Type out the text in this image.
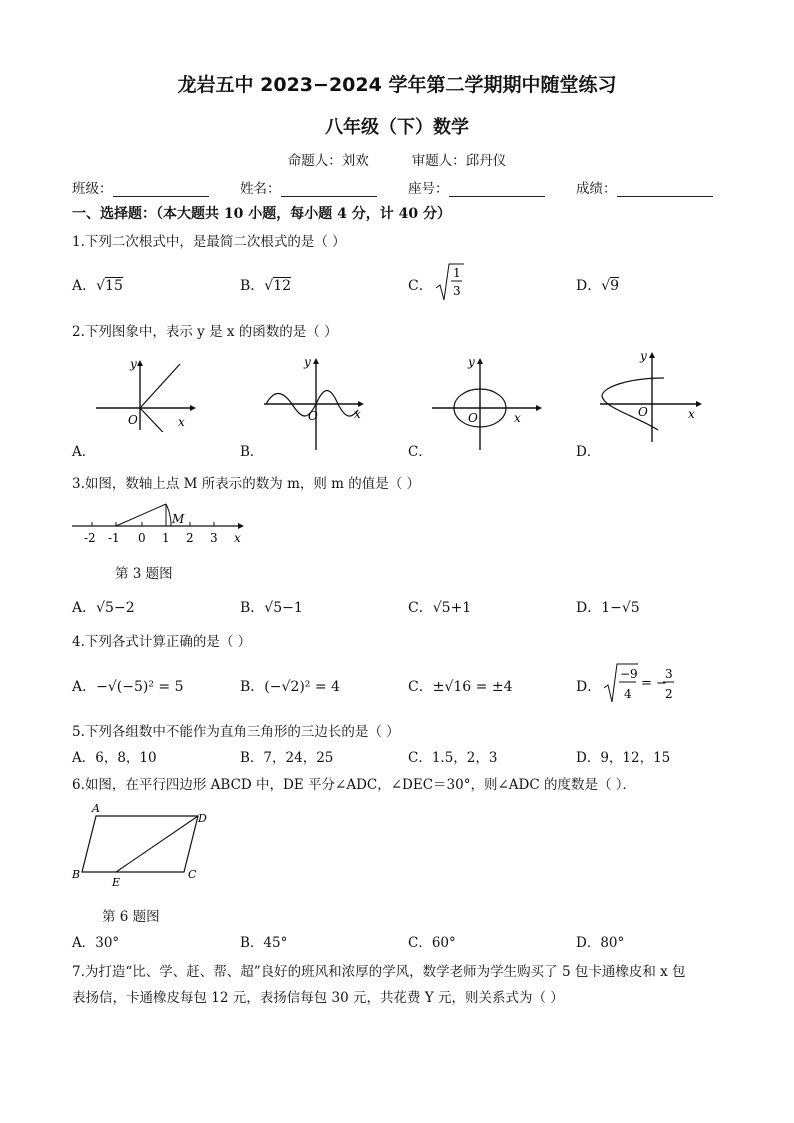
龙岩五中 2023−2024 学年第二学期期中随堂练习
八年级（下）数学
命题人：刘欢          审题人：邱丹仪
班级：	姓名：	座号：	成绩：
一、选择题：（本大题共 10 小题，每小题 4 分，计 40 分）
1.下列二次根式中，是最简二次根式的是（ ）
A．√15	B．√12	C．
1
3	D．√9
2.下列图象中，表示 y 是 x 的函数的是（ ）
y
O	x
A．
y
O	x
B．
y
O	x
C．
y
O	x
D．
3.如图，数轴上点 M 所表示的数为 m，则 m 的值是（ ）
-2 -1 0 1 2 3 x
M
第 3 题图
A．√5−2	B．√5−1	C．√5+1	D．1−√5
4.下列各式计算正确的是（ ）
A．−√(−5)² = 5	B．(−√2)² = 4	C．±√16 = ±4	D．
−9
4
= −
3
2
5.下列各组数中不能作为直角三角形的三边长的是（ ）
A．6，8，10	B．7，24，25	C．1.5，2，3	D．9，12，15
6.如图，在平行四边形 ABCD 中，DE 平分∠ADC，∠DEC＝30°，则∠ADC 的度数是（ ）．
A
D
B
E
C
第 6 题图
A．30°	B．45°	C．60°	D．80°
7.为打造“比、学、赶、帮、超”良好的班风和浓厚的学风，数学老师为学生购买了 5 包卡通橡皮和 x 包
表扬信，卡通橡皮每包 12 元，表扬信每包 30 元，共花费 Y 元，则关系式为（ ）
